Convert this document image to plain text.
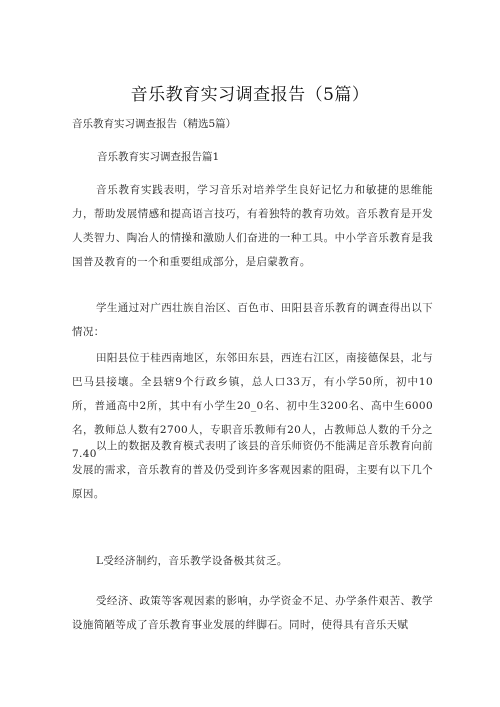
音乐教育实习调查报告（5篇）
音乐教育实习调查报告（精选5篇）
音乐教育实习调查报告篇1

音乐教育实践表明，学习音乐对培养学生良好记忆力和敏捷的思维能力，帮助发展情感和提高语言技巧，有着独特的教育功效。音乐教育是开发人类智力、陶冶人的情操和激励人们奋进的一种工具。中小学音乐教育是我国普及教育的一个和重要组成部分，是启蒙教育。

学生通过对广西壮族自治区、百色市、田阳县音乐教育的调查得出以下情况：

田阳县位于桂西南地区，东邻田东县，西连右江区，南接德保县，北与巴马县接壤。全县辖9个行政乡镇，总人口33万，有小学50所，初中10所，普通高中2所，其中有小学生20_0名、初中生3200名、高中生6000名，教师总人数有2700人，专职音乐教师有20人，占教师总人数的千分之7.40

以上的数据及教育模式表明了该县的音乐师资仍不能满足音乐教育向前发展的需求，音乐教育的普及仍受到许多客观因素的阻碍，主要有以下几个原因。

L受经济制约，音乐教学设备极其贫乏。

受经济、政策等客观因素的影响，办学资金不足、办学条件艰苦、教学设施简陋等成了音乐教育事业发展的绊脚石。同时，使得具有音乐天赋
